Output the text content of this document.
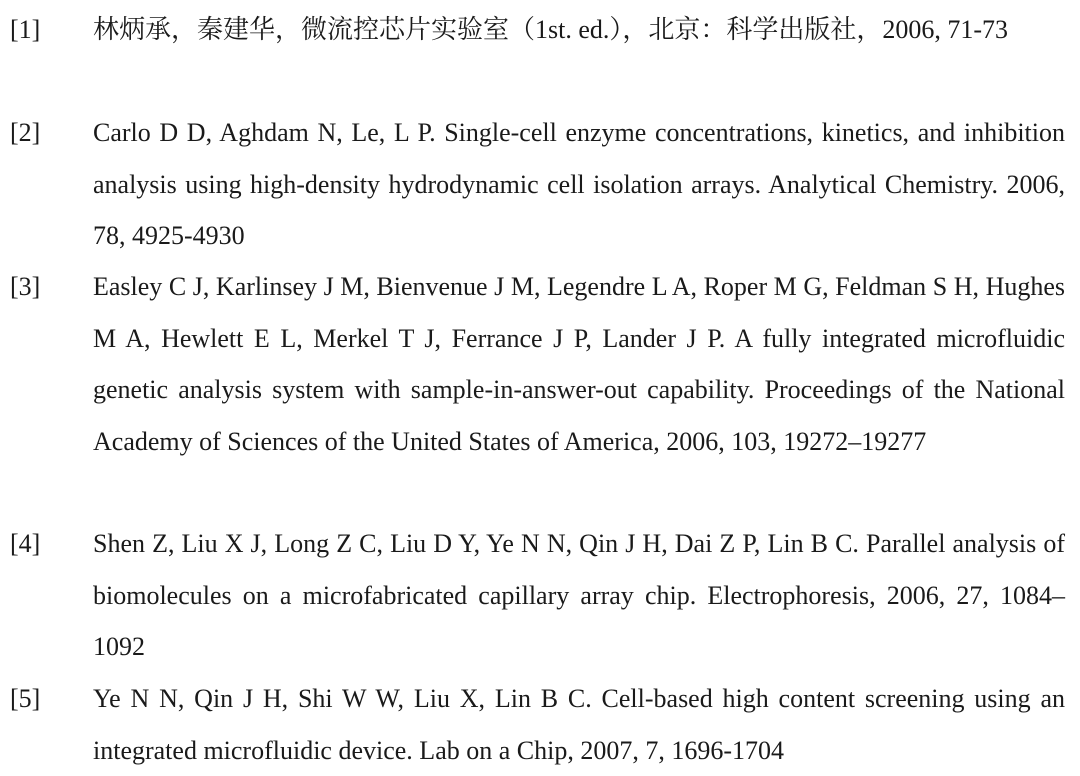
[1] 林炳承，秦建华，微流控芯片实验室（1st. ed.），北京：科学出版社，2006, 71-73
[2] Carlo D D, Aghdam N, Le, L P. Single-cell enzyme concentrations, kinetics, and inhibition analysis using high-density hydrodynamic cell isolation arrays. Analytical Chemistry. 2006, 78, 4925-4930
[3] Easley C J, Karlinsey J M, Bienvenue J M, Legendre L A, Roper M G, Feldman S H, Hughes M A, Hewlett E L, Merkel T J, Ferrance J P, Lander J P. A fully integrated microfluidic genetic analysis system with sample-in-answer-out capability. Proceedings of the National Academy of Sciences of the United States of America, 2006, 103, 19272–19277
[4] Shen Z, Liu X J, Long Z C, Liu D Y, Ye N N, Qin J H, Dai Z P, Lin B C. Parallel analysis of biomolecules on a microfabricated capillary array chip. Electrophoresis, 2006, 27, 1084–1092
[5] Ye N N, Qin J H, Shi W W, Liu X, Lin B C. Cell-based high content screening using an integrated microfluidic device. Lab on a Chip, 2007, 7, 1696-1704
